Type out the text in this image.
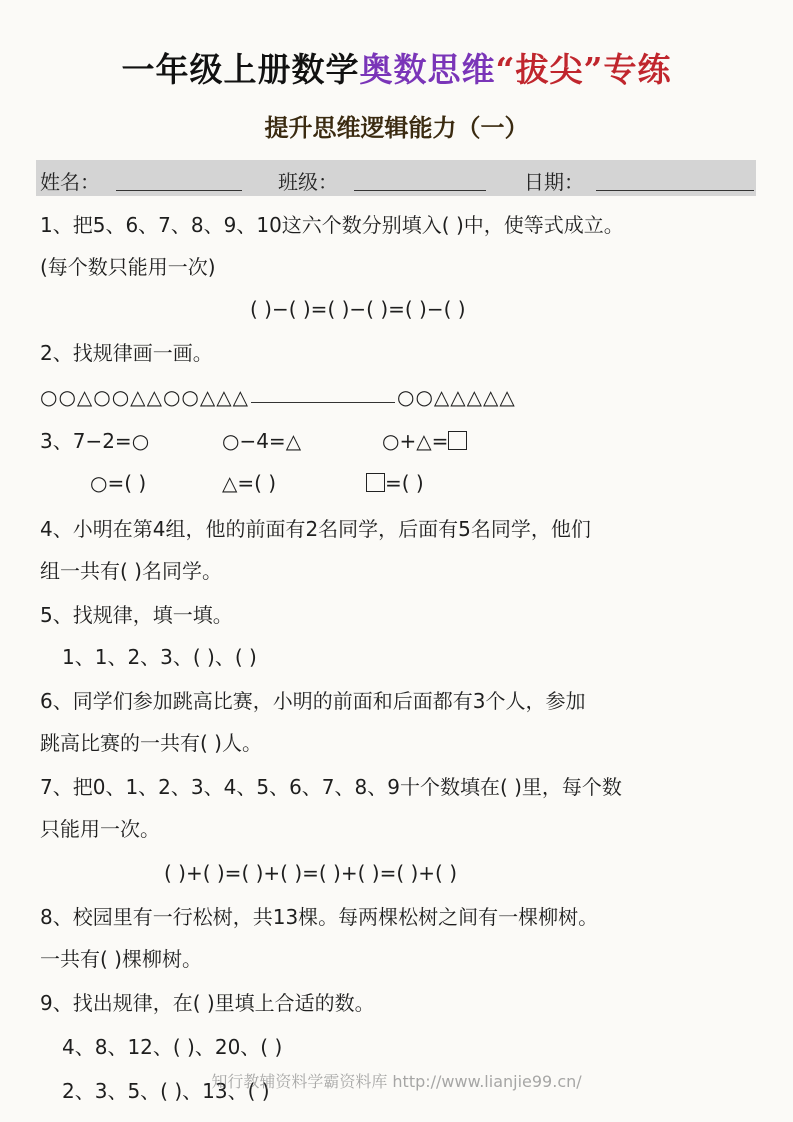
一年级上册数学奥数思维“拔尖”专练
提升思维逻辑能力（一）
姓名：	班级：	日期：
1、把5、6、7、8、9、10这六个数分别填入( )中，使等式成立。
(每个数只能用一次)
( )−( )=( )−( )=( )−( )
2、找规律画一画。
○○△○○△△○○△△△	○○△△△△△
3、7−2=○	○−4=△	○+△=
○=( )	△=( )	=( )
4、小明在第4组，他的前面有2名同学，后面有5名同学，他们
组一共有( )名同学。
5、找规律，填一填。
1、1、2、3、( )、( )
6、同学们参加跳高比赛，小明的前面和后面都有3个人，参加
跳高比赛的一共有( )人。
7、把0、1、2、3、4、5、6、7、8、9十个数填在( )里，每个数
只能用一次。
( )+( )=( )+( )=( )+( )=( )+( )
8、校园里有一行松树，共13棵。每两棵松树之间有一棵柳树。
一共有( )棵柳树。
9、找出规律，在( )里填上合适的数。
4、8、12、( )、20、( )
2、3、5、( )、13、( )
知行教辅资料学霸资料库 http://www.lianjie99.cn/
